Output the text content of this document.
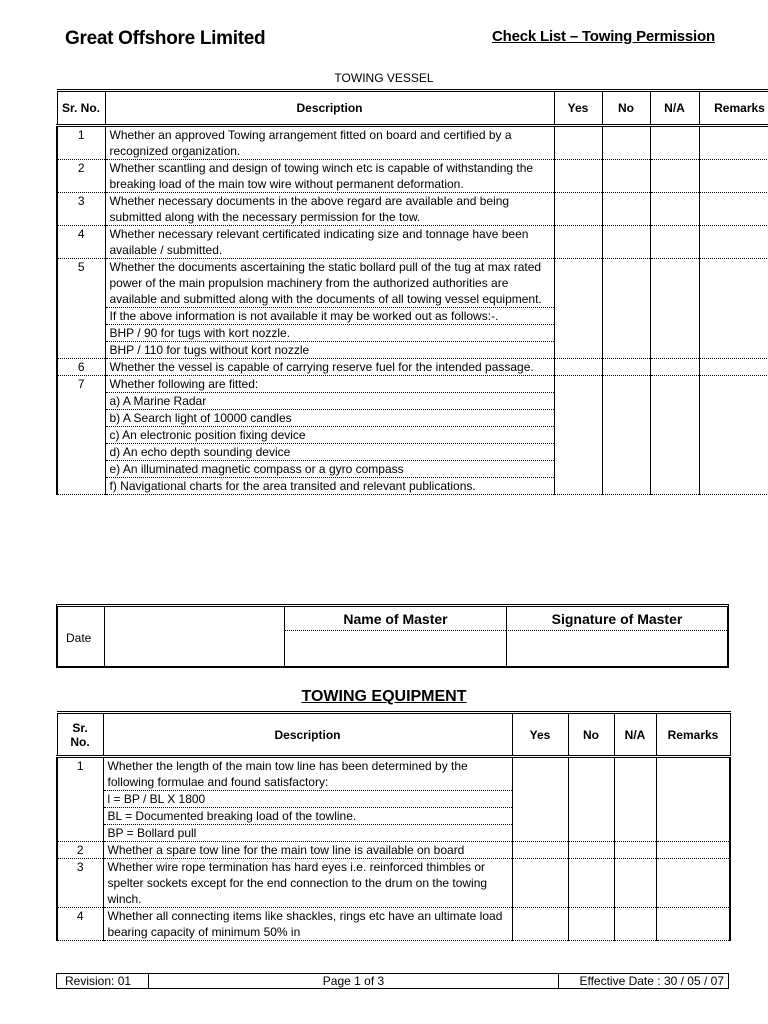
Great Offshore Limited	Check List – Towing Permission
TOWING VESSEL
Sr. No.	Description	Yes	No	N/A	Remarks
1	Whether an approved Towing arrangement fitted on board and certified by a recognized organization.				
2	Whether scantling and design of towing winch etc is capable of withstanding the breaking load of the main tow wire without permanent deformation.				
3	Whether necessary documents in the above regard are available and being submitted along with the necessary permission for the tow.				
4	Whether necessary relevant certificated indicating size and tonnage have been available / submitted.				
5	Whether the documents ascertaining the static bollard pull of the tug at max rated power of the main propulsion machinery from the authorized authorities are available and submitted along with the documents of all towing vessel equipment.				
	If the above information is not available it may be worked out as follows:-.				
	BHP / 90 for tugs with kort nozzle.				
	BHP / 110 for tugs without kort nozzle				
6	Whether the vessel is capable of carrying reserve fuel for the intended passage.				
7	Whether following are fitted:				
	a) A Marine Radar				
	b) A Search light of 10000 candles				
	c) An electronic position fixing device				
	d) An echo depth sounding device				
	e) An illuminated magnetic compass or a gyro compass				
	f) Navigational charts for the area transited and relevant publications.				
Date
Name of Master	Signature of Master
TOWING EQUIPMENT
Sr. No.	Description	Yes	No	N/A	Remarks
1	Whether the length of the main tow line has been determined by the following formulae and found satisfactory:				
	l = BP / BL X 1800				
	BL = Documented breaking load of the towline.				
	BP = Bollard pull				
2	Whether a spare tow line for the main tow line is available on board				
3	Whether wire rope termination has hard eyes i.e. reinforced thimbles or spelter sockets except for the end connection to the drum on the towing winch.				
4	Whether all connecting items like shackles, rings etc have an ultimate load bearing capacity of minimum 50% in				
Revision: 01	Page 1 of 3	Effective Date : 30 / 05 / 07
